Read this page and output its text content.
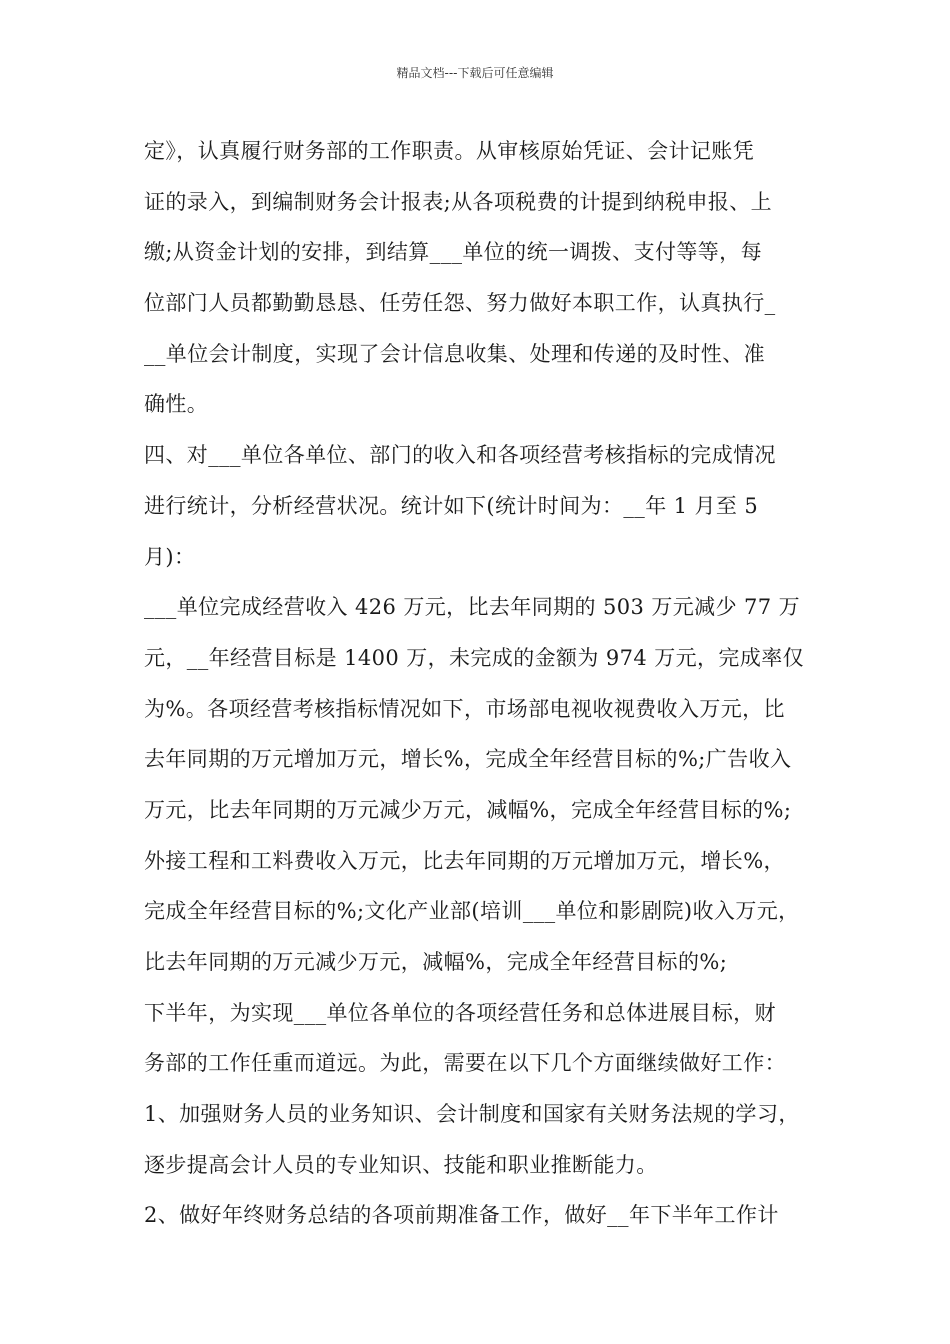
精品文档---下载后可任意编辑
定》，认真履行财务部的工作职责。从审核原始凭证、会计记账凭
证的录入，到编制财务会计报表;从各项税费的计提到纳税申报、上
缴;从资金计划的安排，到结算___单位的统一调拨、支付等等，每
位部门人员都勤勤恳恳、任劳任怨、努力做好本职工作，认真执行_
__单位会计制度，实现了会计信息收集、处理和传递的及时性、准
确性。
四、对___单位各单位、部门的收入和各项经营考核指标的完成情况
进行统计，分析经营状况。统计如下(统计时间为：__年 1 月至 5
月)：
___单位完成经营收入 426 万元，比去年同期的 503 万元减少 77 万
元，__年经营目标是 1400 万，未完成的金额为 974 万元，完成率仅
为%。各项经营考核指标情况如下，市场部电视收视费收入万元，比
去年同期的万元增加万元，增长%，完成全年经营目标的%;广告收入
万元，比去年同期的万元减少万元，减幅%，完成全年经营目标的%;
外接工程和工料费收入万元，比去年同期的万元增加万元，增长%，
完成全年经营目标的%;文化产业部(培训___单位和影剧院)收入万元，
比去年同期的万元减少万元，减幅%，完成全年经营目标的%;
下半年，为实现___单位各单位的各项经营任务和总体进展目标，财
务部的工作任重而道远。为此，需要在以下几个方面继续做好工作：
1、加强财务人员的业务知识、会计制度和国家有关财务法规的学习，
逐步提高会计人员的专业知识、技能和职业推断能力。
2、做好年终财务总结的各项前期准备工作，做好__年下半年工作计
